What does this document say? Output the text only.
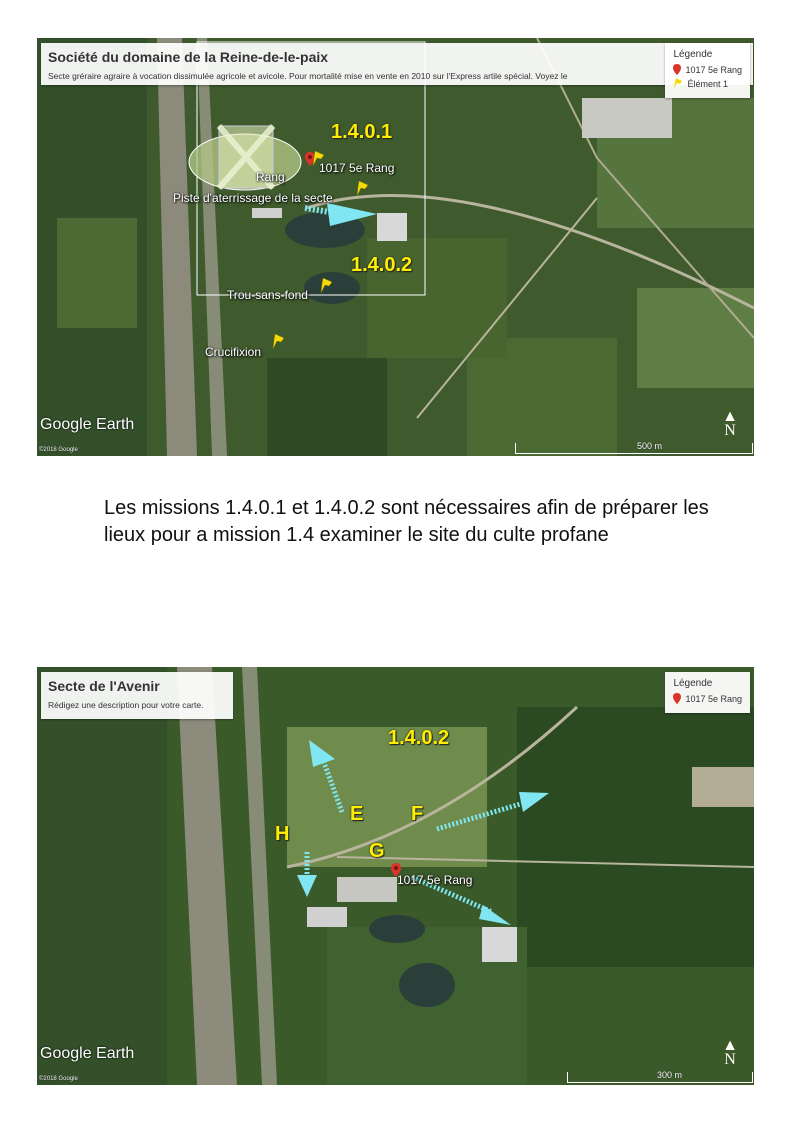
Société du domaine de la Reine-de-le-paix
Secte gréraire agraire à vocation dissimulée agricole et avicole. Pour mortalité mise en vente en 2010 sur l'Express artile spécial. Voyez le
Légende
1017 5e Rang
Élément 1
1.4.0.1
1.4.0.2
1017 5e Rang
Rang
Piste d'aterrissage de la secte
Trou-sans-fond
Crucifixion
Google Earth
©2018 Google
▲
N
500 m
Les missions 1.4.0.1 et 1.4.0.2 sont nécessaires afin de préparer les lieux pour a mission 1.4 examiner le site du culte profane
Secte de l'Avenir
Rédigez une description pour votre carte.
Légende
1017 5e Rang
1.4.0.2
E F
G
H
1017 5e Rang
Google Earth
©2018 Google
▲
N
300 m
